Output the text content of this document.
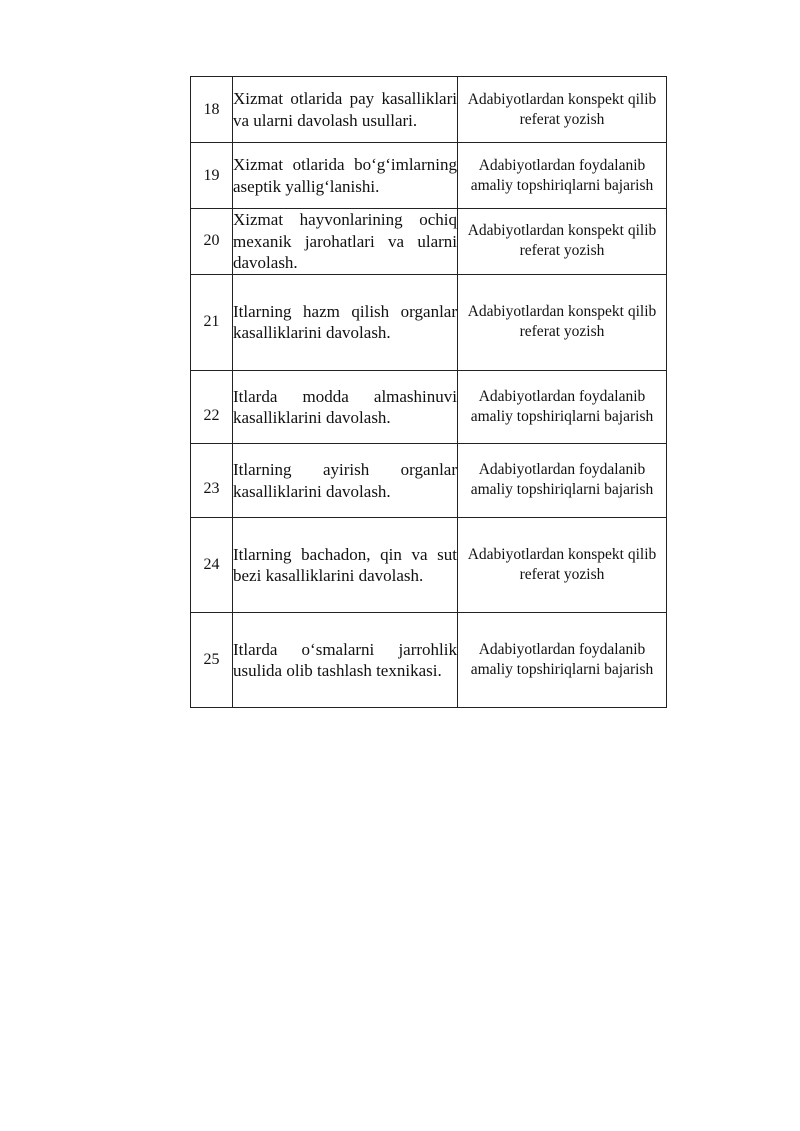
18	Xizmat otlarida pay kasalliklari va ularni davolash usullari.	Adabiyotlardan konspekt qilib referat yozish
19	Xizmat otlarida bo‘g‘imlarning aseptik yallig‘lanishi.	Adabiyotlardan foydalanib amaliy topshiriqlarni bajarish
20	Xizmat hayvonlarining ochiq mexanik jarohatlari va ularni davolash.	Adabiyotlardan konspekt qilib referat yozish
21	Itlarning hazm qilish organlar kasalliklarini davolash.	Adabiyotlardan konspekt qilib referat yozish
22	Itlarda modda almashinuvi kasalliklarini davolash.	Adabiyotlardan foydalanib amaliy topshiriqlarni bajarish
23	Itlarning ayirish organlar kasalliklarini davolash.	Adabiyotlardan foydalanib amaliy topshiriqlarni bajarish
24	Itlarning bachadon, qin va sut bezi kasalliklarini davolash.	Adabiyotlardan konspekt qilib referat yozish
25	Itlarda o‘smalarni jarrohlik usulida olib tashlash texnikasi.	Adabiyotlardan foydalanib amaliy topshiriqlarni bajarish
